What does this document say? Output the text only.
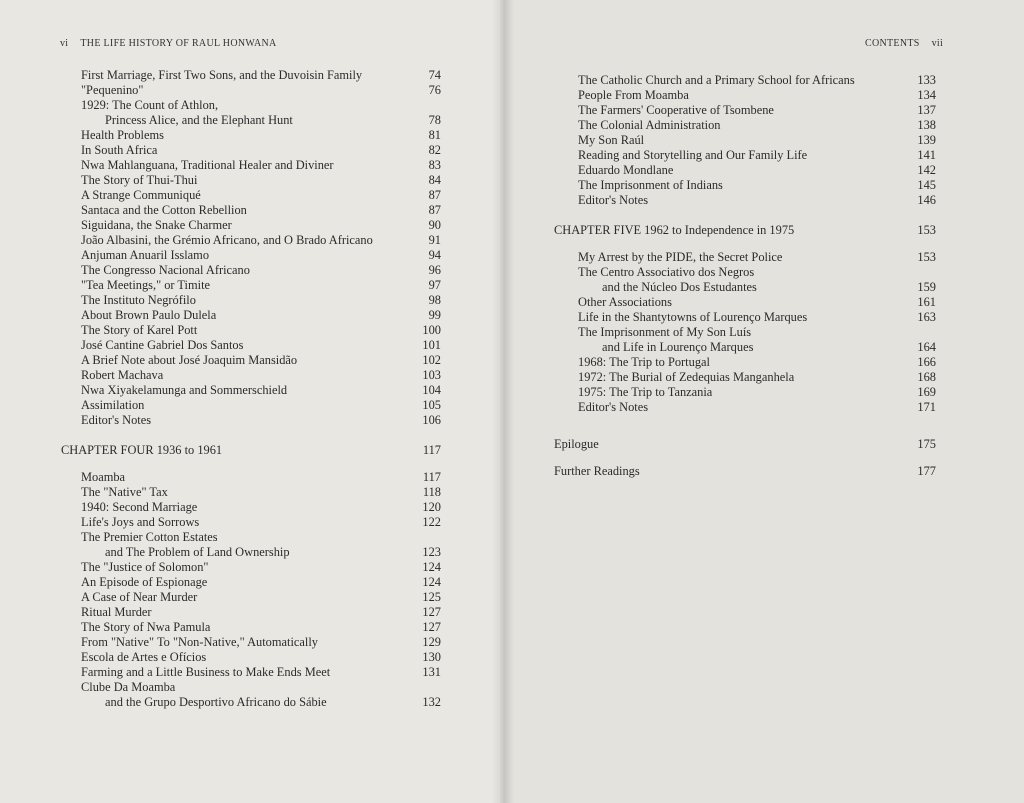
vi THE LIFE HISTORY OF RAUL HONWANA
First Marriage, First Two Sons, and the Duvoisin Family	74
"Pequenino"	76
1929: The Count of Athlon,
Princess Alice, and the Elephant Hunt	78
Health Problems	81
In South Africa	82
Nwa Mahlanguana, Traditional Healer and Diviner	83
The Story of Thui-Thui	84
A Strange Communiqué	87
Santaca and the Cotton Rebellion	87
Siguidana, the Snake Charmer	90
João Albasini, the Grémio Africano, and O Brado Africano	91
Anjuman Anuaril Isslamo	94
The Congresso Nacional Africano	96
"Tea Meetings," or Timite	97
The Instituto Negrófilo	98
About Brown Paulo Dulela	99
The Story of Karel Pott	100
José Cantine Gabriel Dos Santos	101
A Brief Note about José Joaquim Mansidão	102
Robert Machava	103
Nwa Xiyakelamunga and Sommerschield	104
Assimilation	105
Editor's Notes	106
CHAPTER FOUR 1936 to 1961	117
Moamba	117
The "Native" Tax	118
1940: Second Marriage	120
Life's Joys and Sorrows	122
The Premier Cotton Estates
and The Problem of Land Ownership	123
The "Justice of Solomon"	124
An Episode of Espionage	124
A Case of Near Murder	125
Ritual Murder	127
The Story of Nwa Pamula	127
From "Native" To "Non-Native," Automatically	129
Escola de Artes e Ofícios	130
Farming and a Little Business to Make Ends Meet	131
Clube Da Moamba
and the Grupo Desportivo Africano do Sábie	132
CONTENTS vii
The Catholic Church and a Primary School for Africans	133
People From Moamba	134
The Farmers' Cooperative of Tsombene	137
The Colonial Administration	138
My Son Raúl	139
Reading and Storytelling and Our Family Life	141
Eduardo Mondlane	142
The Imprisonment of Indians	145
Editor's Notes	146
CHAPTER FIVE 1962 to Independence in 1975	153
My Arrest by the PIDE, the Secret Police	153
The Centro Associativo dos Negros
and the Núcleo Dos Estudantes	159
Other Associations	161
Life in the Shantytowns of Lourenço Marques	163
The Imprisonment of My Son Luís
and Life in Lourenço Marques	164
1968: The Trip to Portugal	166
1972: The Burial of Zedequias Manganhela	168
1975: The Trip to Tanzania	169
Editor's Notes	171
Epilogue	175
Further Readings	177
